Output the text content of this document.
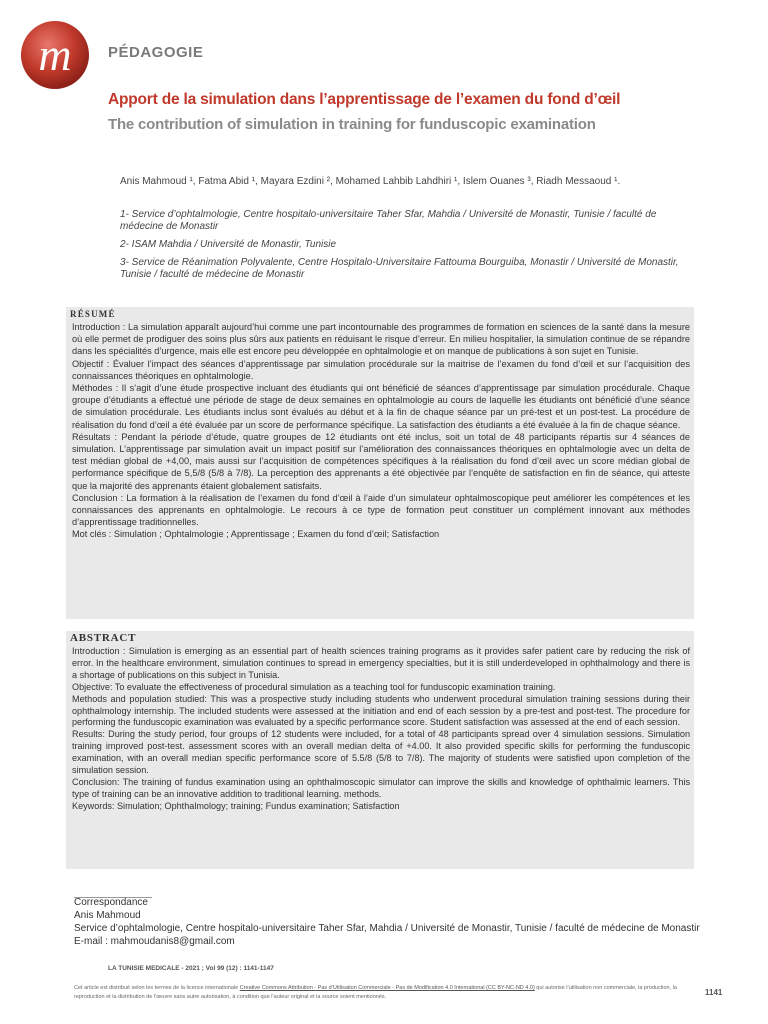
m PÉDAGOGIE
Apport de la simulation dans l’apprentissage de l’examen du fond d’œil
The contribution of simulation in training for funduscopic examination
Anis Mahmoud ¹, Fatma Abid ¹, Mayara Ezdini ², Mohamed Lahbib Lahdhiri ¹, Islem Ouanes ³, Riadh Messaoud ¹.

1- Service d’ophtalmologie, Centre hospitalo-universitaire Taher Sfar, Mahdia / Université de Monastir, Tunisie / faculté de médecine de Monastir

2- ISAM Mahdia / Université de Monastir, Tunisie

3- Service de Réanimation Polyvalente, Centre Hospitalo-Universitaire Fattouma Bourguiba, Monastir / Université de Monastir, Tunisie / faculté de médecine de Monastir

RÉSUMÉ

Introduction : La simulation apparaît aujourd’hui comme une part incontournable des programmes de formation en sciences de la santé dans la mesure où elle permet de prodiguer des soins plus sûrs aux patients en réduisant le risque d’erreur. En milieu hospitalier, la simulation continue de se répandre dans les spécialités d’urgence, mais elle est encore peu développée en ophtalmologie et on manque de publications à son sujet en Tunisie.

Objectif : Évaluer l’impact des séances d’apprentissage par simulation procédurale sur la maitrise de l’examen du fond d’œil et sur l’acquisition des connaissances théoriques en ophtalmologie.

Méthodes : Il s’agit d’une étude prospective incluant des étudiants qui ont bénéficié de séances d’apprentissage par simulation procédurale. Chaque groupe d’étudiants a effectué une période de stage de deux semaines en ophtalmologie au cours de laquelle les étudiants ont bénéficié d’une séance de simulation procédurale. Les étudiants inclus sont évalués au début et à la fin de chaque séance par un pré-test et un post-test. La procédure de réalisation du fond d’œil a été évaluée par un score de performance spécifique. La satisfaction des étudiants a été évaluée à la fin de chaque séance.

Résultats : Pendant la période d’étude, quatre groupes de 12 étudiants ont été inclus, soit un total de 48 participants répartis sur 4 séances de simulation. L’apprentissage par simulation avait un impact positif sur l’amélioration des connaissances théoriques en ophtalmologie avec un delta de test médian global de +4,00, mais aussi sur l’acquisition de compétences spécifiques à la réalisation du fond d’œil avec un score médian global de performance spécifique de 5,5/8 (5/8 à 7/8). La perception des apprenants a été objectivée par l’enquête de satisfaction en fin de séance, qui atteste que la majorité des apprenants étaient globalement satisfaits.

Conclusion : La formation à la réalisation de l’examen du fond d’œil à l’aide d’un simulateur ophtalmoscopique peut améliorer les compétences et les connaissances des apprenants en ophtalmologie. Le recours à ce type de formation peut constituer un complément innovant aux méthodes d’apprentissage traditionnelles.

Mot clés : Simulation ; Ophtalmologie ; Apprentissage ; Examen du fond d’œil; Satisfaction

ABSTRACT

Introduction : Simulation is emerging as an essential part of health sciences training programs as it provides safer patient care by reducing the risk of error. In the healthcare environment, simulation continues to spread in emergency specialties, but it is still underdeveloped in ophthalmology and there is a shortage of publications on this subject in Tunisia.

Objective: To evaluate the effectiveness of procedural simulation as a teaching tool for funduscopic examination training.

Methods and population studied: This was a prospective study including students who underwent procedural simulation training sessions during their ophthalmology internship. The included students were assessed at the initiation and end of each session by a pre-test and post-test. The procedure for performing the funduscopic examination was evaluated by a specific performance score. Student satisfaction was assessed at the end of each session.

Results: During the study period, four groups of 12 students were included, for a total of 48 participants spread over 4 simulation sessions. Simulation training improved post-test. assessment scores with an overall median delta of +4.00. It also provided specific skills for performing the funduscopic examination, with an overall median specific performance score of 5.5/8 (5/8 to 7/8). The majority of students were satisfied upon completion of the simulation session.

Conclusion: The training of fundus examination using an ophthalmoscopic simulator can improve the skills and knowledge of ophthalmic learners. This type of training can be an innovative addition to traditional learning. methods.

Keywords: Simulation; Ophthalmology; training; Fundus examination; Satisfaction

Correspondance
Anis Mahmoud
Service d’ophtalmologie, Centre hospitalo-universitaire Taher Sfar, Mahdia / Université de Monastir, Tunisie / faculté de médecine de Monastir
E-mail : mahmoudanis8@gmail.com
LA TUNISIE MEDICALE - 2021 ; Vol 99 (12) : 1141-1147
Cet article est distribué selon les termes de la licence internationale Creative Commons Attribution - Pas d’Utilisation Commerciale - Pas de Modification 4.0 International (CC BY-NC-ND 4.0) qui autorise l’utilisation non commerciale, la production, la reproduction et la distribution de l’œuvre sans autre autorisation, à condition que l’auteur original et la source soient mentionnés.	1141
